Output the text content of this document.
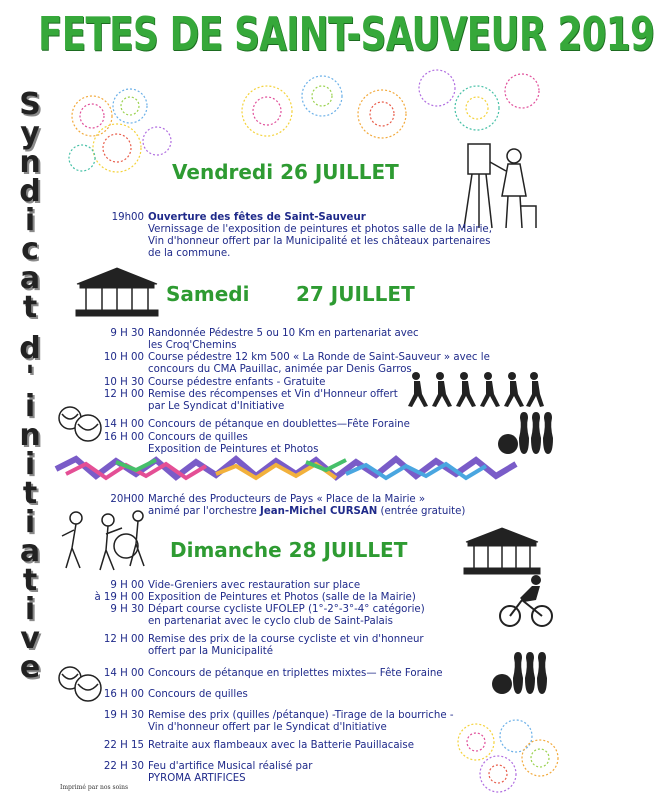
FETES DE SAINT-SAUVEUR 2019
S
y
n
d
i
c
a
t
d
'
i
n
i
t
i
a
t
i
v
e
Vendredi 26 JUILLET
19h00 Ouverture des fêtes de Saint-Sauveur
Vernissage de l'exposition de peintures et photos salle de la Mairie,
Vin d'honneur offert par la Municipalité et les châteaux partenaires
de la commune.
Samedi 27 JUILLET
9 H 30 Randonnée Pédestre 5 ou 10 Km en partenariat avec
les Croq'Chemins
10 H 00 Course pédestre 12 km 500 « La Ronde de Saint-Sauveur » avec le
concours du CMA Pauillac, animée par Denis Garros
10 H 30 Course pédestre enfants - Gratuite
12 H 00 Remise des récompenses et Vin d'Honneur offert
par Le Syndicat d'Initiative
14 H 00 Concours de pétanque en doublettes—Fête Foraine
16 H 00 Concours de quilles
Exposition de Peintures et Photos
20H00 Marché des Producteurs de Pays « Place de la Mairie »
animé par l'orchestre Jean-Michel CURSAN (entrée gratuite)
Dimanche 28 JUILLET
9 H 00 Vide-Greniers avec restauration sur place
à 19 H 00 Exposition de Peintures et Photos (salle de la Mairie)
9 H 30 Départ course cycliste UFOLEP (1°-2°-3°-4° catégorie)
en partenariat avec le cyclo club de Saint-Palais
12 H 00 Remise des prix de la course cycliste et vin d'honneur
offert par la Municipalité
14 H 00 Concours de pétanque en triplettes mixtes— Fête Foraine
16 H 00 Concours de quilles
19 H 30 Remise des prix (quilles /pétanque) -Tirage de la bourriche -
Vin d'honneur offert par le Syndicat d'Initiative
22 H 15 Retraite aux flambeaux avec la Batterie Pauillacaise
22 H 30 Feu d'artifice Musical réalisé par
PYROMA ARTIFICES
Imprimé par nos soins
